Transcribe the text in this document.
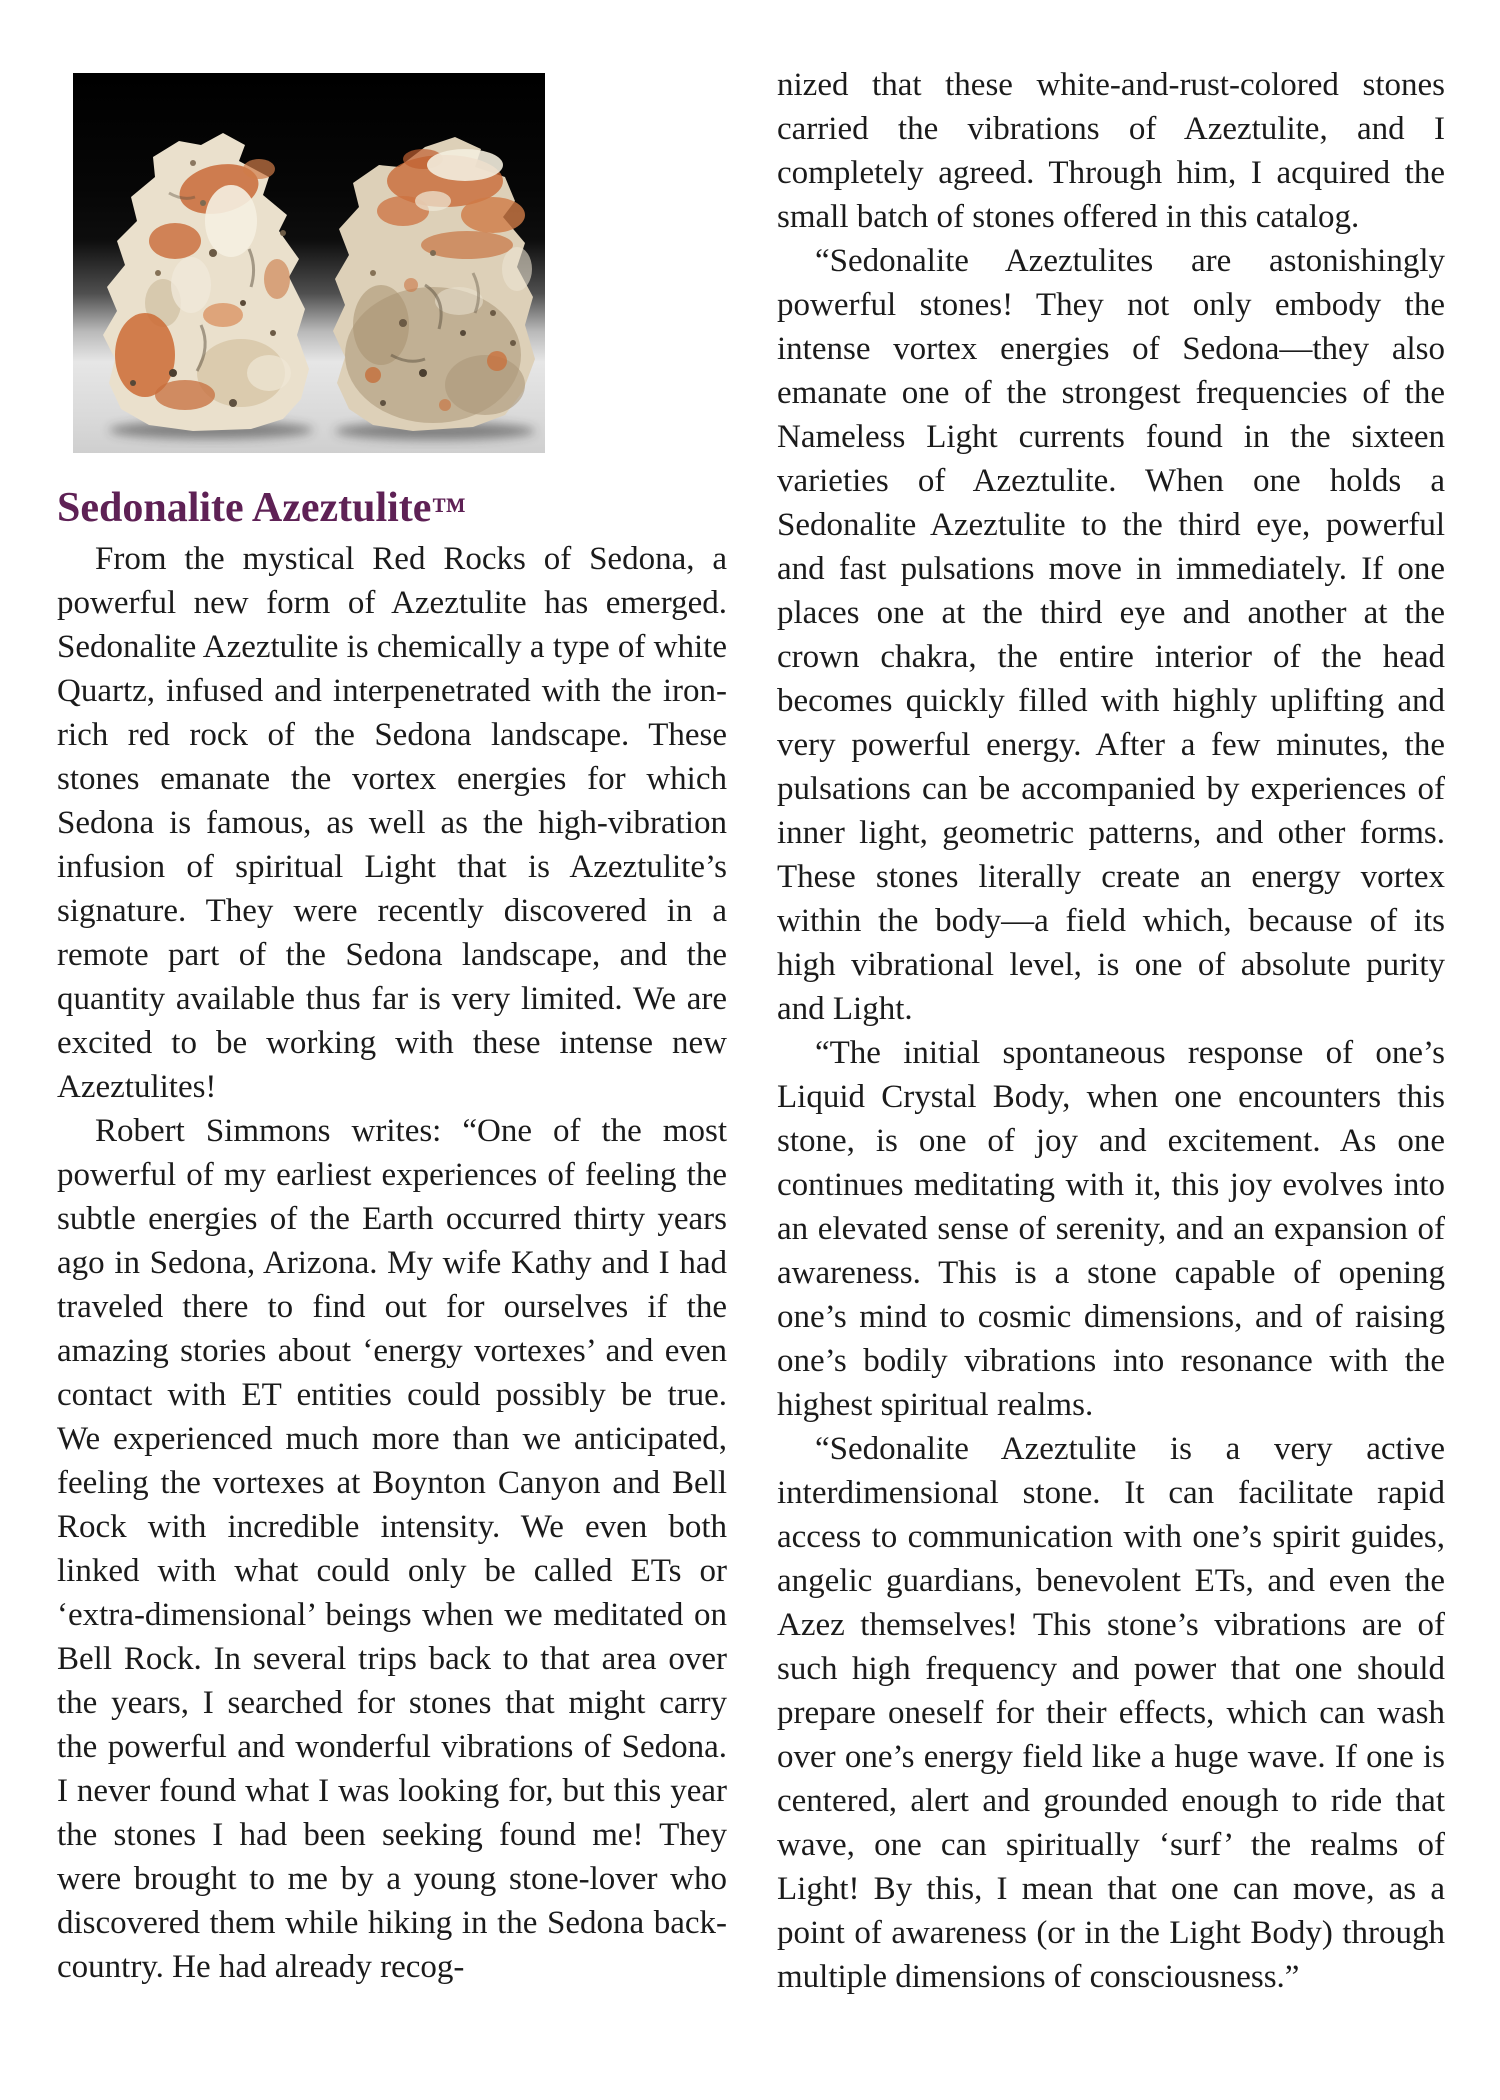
Sedonalite Azeztulite™

From the mystical Red Rocks of Sedona, a powerful new form of Azeztulite has emerged. Sedonalite Azeztulite is chemically a type of white Quartz, infused and interpenetrated with the iron-rich red rock of the Sedona landscape. These stones emanate the vortex energies for which Sedona is famous, as well as the high-vibration infusion of spiritual Light that is Azeztulite’s signature. They were recently discovered in a remote part of the Sedona landscape, and the quantity available thus far is very limited. We are excited to be working with these intense new Azeztulites!

Robert Simmons writes: “One of the most powerful of my earliest experiences of feeling the subtle energies of the Earth occurred thirty years ago in Sedona, Arizona. My wife Kathy and I had traveled there to find out for ourselves if the amazing stories about ‘energy vortexes’ and even contact with ET entities could possibly be true. We experienced much more than we anticipated, feeling the vortexes at Boynton Canyon and Bell Rock with incredible intensity. We even both linked with what could only be called ETs or ‘extra-dimensional’ beings when we meditated on Bell Rock. In several trips back to that area over the years, I searched for stones that might carry the powerful and wonderful vibrations of Sedona. I never found what I was looking for, but this year the stones I had been seeking found me! They were brought to me by a young stone-lover who discovered them while hiking in the Sedona back-country. He had already recog-

nized that these white-and-rust-colored stones carried the vibrations of Azeztulite, and I completely agreed. Through him, I acquired the small batch of stones offered in this catalog.

“Sedonalite Azeztulites are astonishingly powerful stones! They not only embody the intense vortex energies of Sedona—they also emanate one of the strongest frequencies of the Nameless Light currents found in the sixteen varieties of Azeztulite. When one holds a Sedonalite Azeztulite to the third eye, powerful and fast pulsations move in immediately. If one places one at the third eye and another at the crown chakra, the entire interior of the head becomes quickly filled with highly uplifting and very powerful energy. After a few minutes, the pulsations can be accompanied by experiences of inner light, geometric patterns, and other forms. These stones literally create an energy vortex within the body—a field which, because of its high vibrational level, is one of absolute purity and Light.

“The initial spontaneous response of one’s Liquid Crystal Body, when one encounters this stone, is one of joy and excitement. As one continues meditating with it, this joy evolves into an elevated sense of serenity, and an expansion of awareness. This is a stone capable of opening one’s mind to cosmic dimensions, and of raising one’s bodily vibrations into resonance with the highest spiritual realms.

“Sedonalite Azeztulite is a very active interdimensional stone. It can facilitate rapid access to communication with one’s spirit guides, angelic guardians, benevolent ETs, and even the Azez themselves! This stone’s vibrations are of such high frequency and power that one should prepare oneself for their effects, which can wash over one’s energy field like a huge wave. If one is centered, alert and grounded enough to ride that wave, one can spiritually ‘surf’ the realms of Light! By this, I mean that one can move, as a point of awareness (or in the Light Body) through multiple dimensions of consciousness.”
